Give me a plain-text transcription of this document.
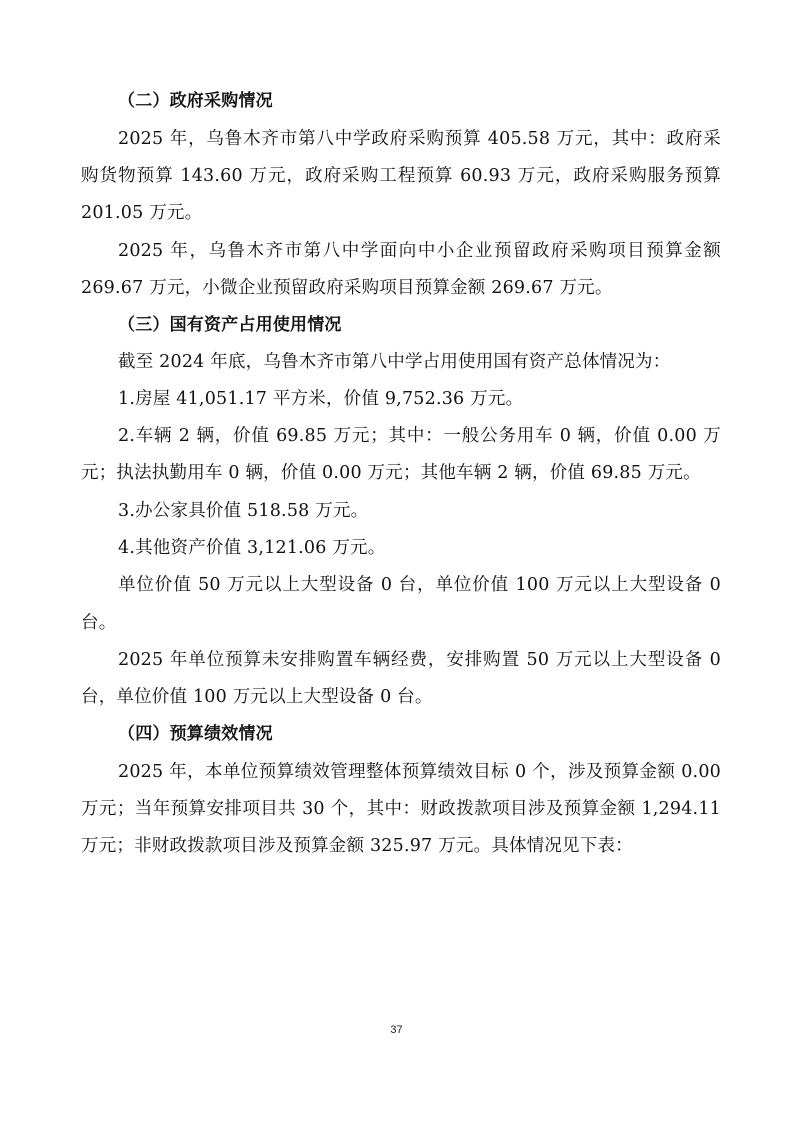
（二）政府采购情况
2025 年，乌鲁木齐市第八中学政府采购预算 405.58 万元，其中：政府采
购货物预算 143.60 万元，政府采购工程预算 60.93 万元，政府采购服务预算
201.05 万元。
2025 年，乌鲁木齐市第八中学面向中小企业预留政府采购项目预算金额
269.67 万元，小微企业预留政府采购项目预算金额 269.67 万元。
（三）国有资产占用使用情况
截至 2024 年底，乌鲁木齐市第八中学占用使用国有资产总体情况为：
1.房屋 41,051.17 平方米，价值 9,752.36 万元。
2.车辆 2 辆，价值 69.85 万元；其中：一般公务用车 0 辆，价值 0.00 万
元；执法执勤用车 0 辆，价值 0.00 万元；其他车辆 2 辆，价值 69.85 万元。
3.办公家具价值 518.58 万元。
4.其他资产价值 3,121.06 万元。
单位价值 50 万元以上大型设备 0 台，单位价值 100 万元以上大型设备 0
台。
2025 年单位预算未安排购置车辆经费，安排购置 50 万元以上大型设备 0
台，单位价值 100 万元以上大型设备 0 台。
（四）预算绩效情况
2025 年，本单位预算绩效管理整体预算绩效目标 0 个，涉及预算金额 0.00
万元；当年预算安排项目共 30 个，其中：财政拨款项目涉及预算金额 1,294.11
万元；非财政拨款项目涉及预算金额 325.97 万元。具体情况见下表：
37
